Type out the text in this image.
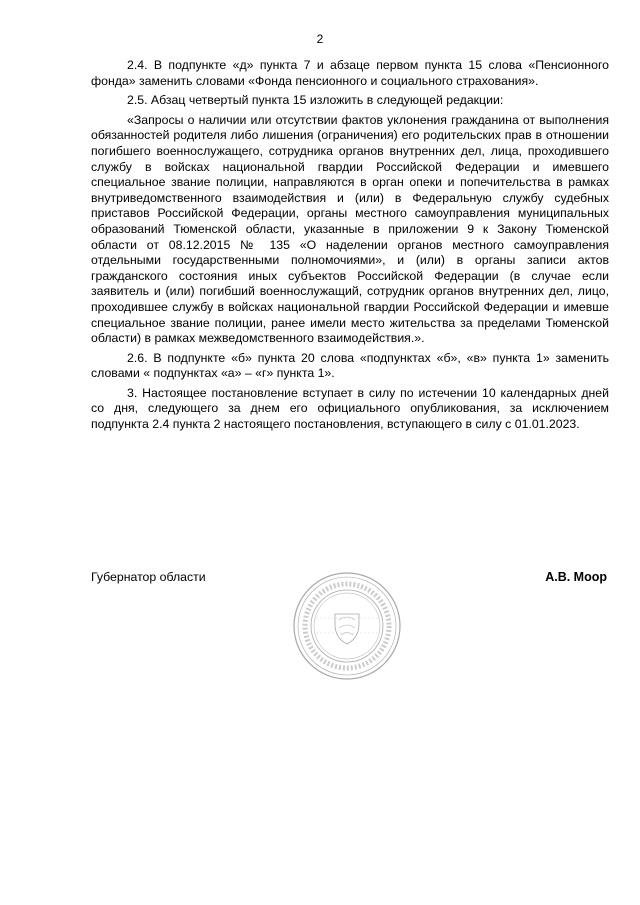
2

2.4. В подпункте «д» пункта 7 и абзаце первом пункта 15 слова «Пенсионного фонда» заменить словами «Фонда пенсионного и социального страхования».

2.5. Абзац четвертый пункта 15 изложить в следующей редакции:

«Запросы о наличии или отсутствии фактов уклонения гражданина от выполнения обязанностей родителя либо лишения (ограничения) его родительских прав в отношении погибшего военнослужащего, сотрудника органов внутренних дел, лица, проходившего службу в войсках национальной гвардии Российской Федерации и имевшего специальное звание полиции, направляются в орган опеки и попечительства в рамках внутриведомственного взаимодействия и (или) в Федеральную службу судебных приставов Российской Федерации, органы местного самоуправления муниципальных образований Тюменской области, указанные в приложении 9 к Закону Тюменской области от 08.12.2015 № 135 «О наделении органов местного самоуправления отдельными государственными полномочиями», и (или) в органы записи актов гражданского состояния иных субъектов Российской Федерации (в случае если заявитель и (или) погибший военнослужащий, сотрудник органов внутренних дел, лицо, проходившее службу в войсках национальной гвардии Российской Федерации и имевше специальное звание полиции, ранее имели место жительства за пределами Тюменской области) в рамках межведомственного взаимодействия.».

2.6. В подпункте «б» пункта 20 слова «подпунктах «б», «в» пункта 1» заменить словами « подпунктах «а» – «г» пункта 1».

3. Настоящее постановление вступает в силу по истечении 10 календарных дней со дня, следующего за днем его официального опубликования, за исключением подпункта 2.4 пункта 2 настоящего постановления, вступающего в силу с 01.01.2023.

Губернатор области	А.В. Моор
